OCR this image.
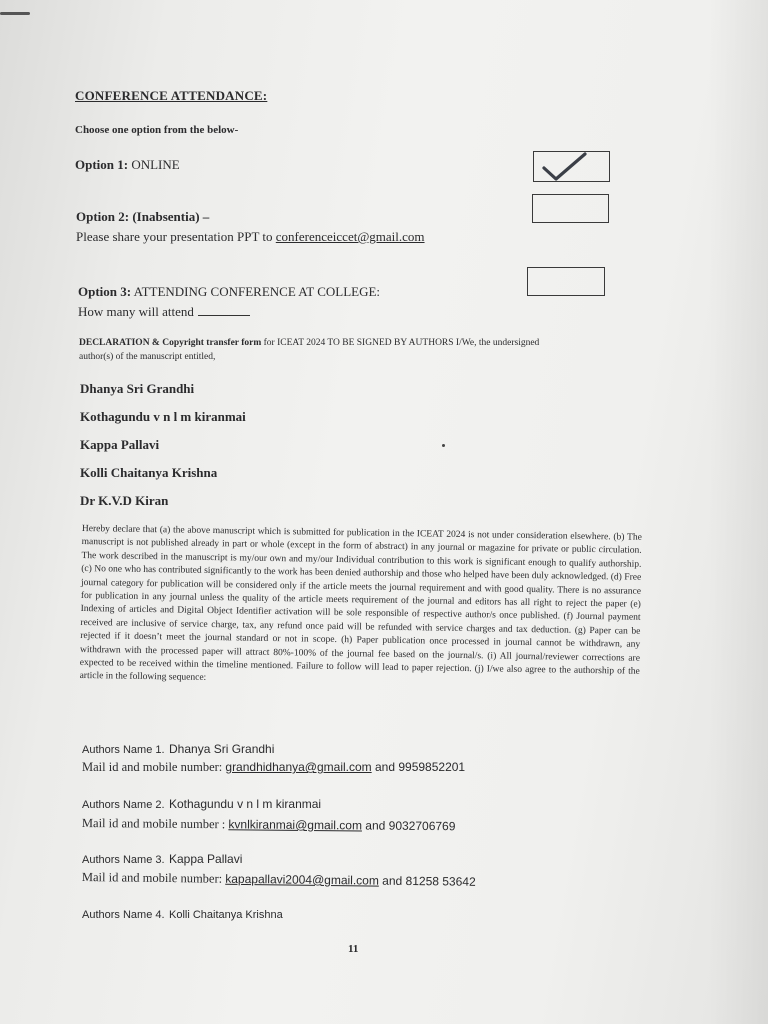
CONFERENCE ATTENDANCE:
Choose one option from the below-
Option 1: ONLINE
Option 2: (Inabsentia) –
Please share your presentation PPT to conferenceiccet@gmail.com
Option 3: ATTENDING CONFERENCE AT COLLEGE:
How many will attend
DECLARATION & Copyright transfer form for ICEAT 2024 TO BE SIGNED BY AUTHORS I/We, the undersigned
author(s) of the manuscript entitled,
Dhanya Sri Grandhi
Kothagundu v n l m kiranmai
Kappa Pallavi
Kolli Chaitanya Krishna
Dr K.V.D Kiran
Hereby declare that (a) the above manuscript which is submitted for publication in the ICEAT 2024 is not under consideration elsewhere. (b) The manuscript is not published already in part or whole (except in the form of abstract) in any journal or magazine for private or public circulation. The work described in the manuscript is my/our own and my/our Individual contribution to this work is significant enough to qualify authorship. (c) No one who has contributed significantly to the work has been denied authorship and those who helped have been duly acknowledged. (d) Free journal category for publication will be considered only if the article meets the journal requirement and with good quality. There is no assurance for publication in any journal unless the quality of the article meets requirement of the journal and editors has all right to reject the paper (e) Indexing of articles and Digital Object Identifier activation will be sole responsible of respective author/s once published. (f) Journal payment received are inclusive of service charge, tax, any refund once paid will be refunded with service charges and tax deduction. (g) Paper can be rejected if it doesn’t meet the journal standard or not in scope. (h) Paper publication once processed in journal cannot be withdrawn, any withdrawn with the processed paper will attract 80%-100% of the journal fee based on the journal/s. (i) All journal/reviewer corrections are expected to be received within the timeline mentioned. Failure to follow will lead to paper rejection. (j) I/we also agree to the authorship of the article in the following sequence:
Authors Name 1. Dhanya Sri Grandhi
Mail id and mobile number: grandhidhanya@gmail.com and 9959852201
Authors Name 2. Kothagundu v n l m kiranmai
Mail id and mobile number : kvnlkiranmai@gmail.com and 9032706769
Authors Name 3. Kappa Pallavi
Mail id and mobile number: kapapallavi2004@gmail.com and 81258 53642
Authors Name 4. Kolli Chaitanya Krishna
11
